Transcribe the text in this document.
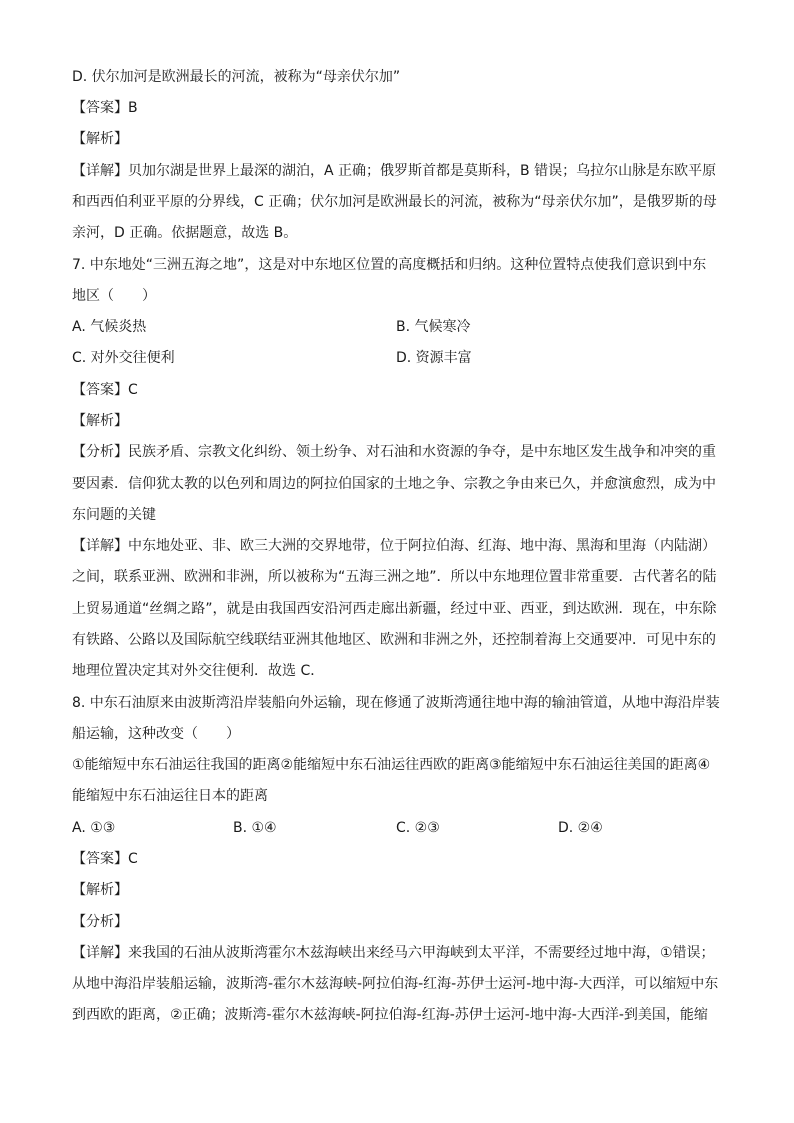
D. 伏尔加河是欧洲最长的河流，被称为“母亲伏尔加”
【答案】B
【解析】
【详解】贝加尔湖是世界上最深的湖泊，A 正确；俄罗斯首都是莫斯科，B 错误；乌拉尔山脉是东欧平原
和西西伯利亚平原的分界线，C 正确；伏尔加河是欧洲最长的河流，被称为“母亲伏尔加”，是俄罗斯的母
亲河，D 正确。依据题意，故选 B。
7. 中东地处“三洲五海之地”，这是对中东地区位置的高度概括和归纳。这种位置特点使我们意识到中东
地区（　　）
A. 气候炎热	B. 气候寒冷
C. 对外交往便利	D. 资源丰富
【答案】C
【解析】
【分析】民族矛盾、宗教文化纠纷、领土纷争、对石油和水资源的争夺，是中东地区发生战争和冲突的重
要因素．信仰犹太教的以色列和周边的阿拉伯国家的土地之争、宗教之争由来已久，并愈演愈烈，成为中
东问题的关键
【详解】中东地处亚、非、欧三大洲的交界地带，位于阿拉伯海、红海、地中海、黑海和里海（内陆湖）
之间，联系亚洲、欧洲和非洲，所以被称为“五海三洲之地”．所以中东地理位置非常重要．古代著名的陆
上贸易通道“丝绸之路”，就是由我国西安沿河西走廊出新疆，经过中亚、西亚，到达欧洲．现在，中东除
有铁路、公路以及国际航空线联结亚洲其他地区、欧洲和非洲之外，还控制着海上交通要冲．可见中东的
地理位置决定其对外交往便利．故选 C．
8. 中东石油原来由波斯湾沿岸装船向外运输，现在修通了波斯湾通往地中海的输油管道，从地中海沿岸装
船运输，这种改变（　　）
①能缩短中东石油运往我国的距离②能缩短中东石油运往西欧的距离③能缩短中东石油运往美国的距离④
能缩短中东石油运往日本的距离
A. ①③	B. ①④	C. ②③	D. ②④
【答案】C
【解析】
【分析】
【详解】来我国的石油从波斯湾霍尔木兹海峡出来经马六甲海峡到太平洋，不需要经过地中海，①错误；
从地中海沿岸装船运输，波斯湾-霍尔木兹海峡-阿拉伯海-红海-苏伊士运河-地中海-大西洋，可以缩短中东
到西欧的距离，②正确；波斯湾-霍尔木兹海峡-阿拉伯海-红海-苏伊士运河-地中海-大西洋-到美国，能缩
